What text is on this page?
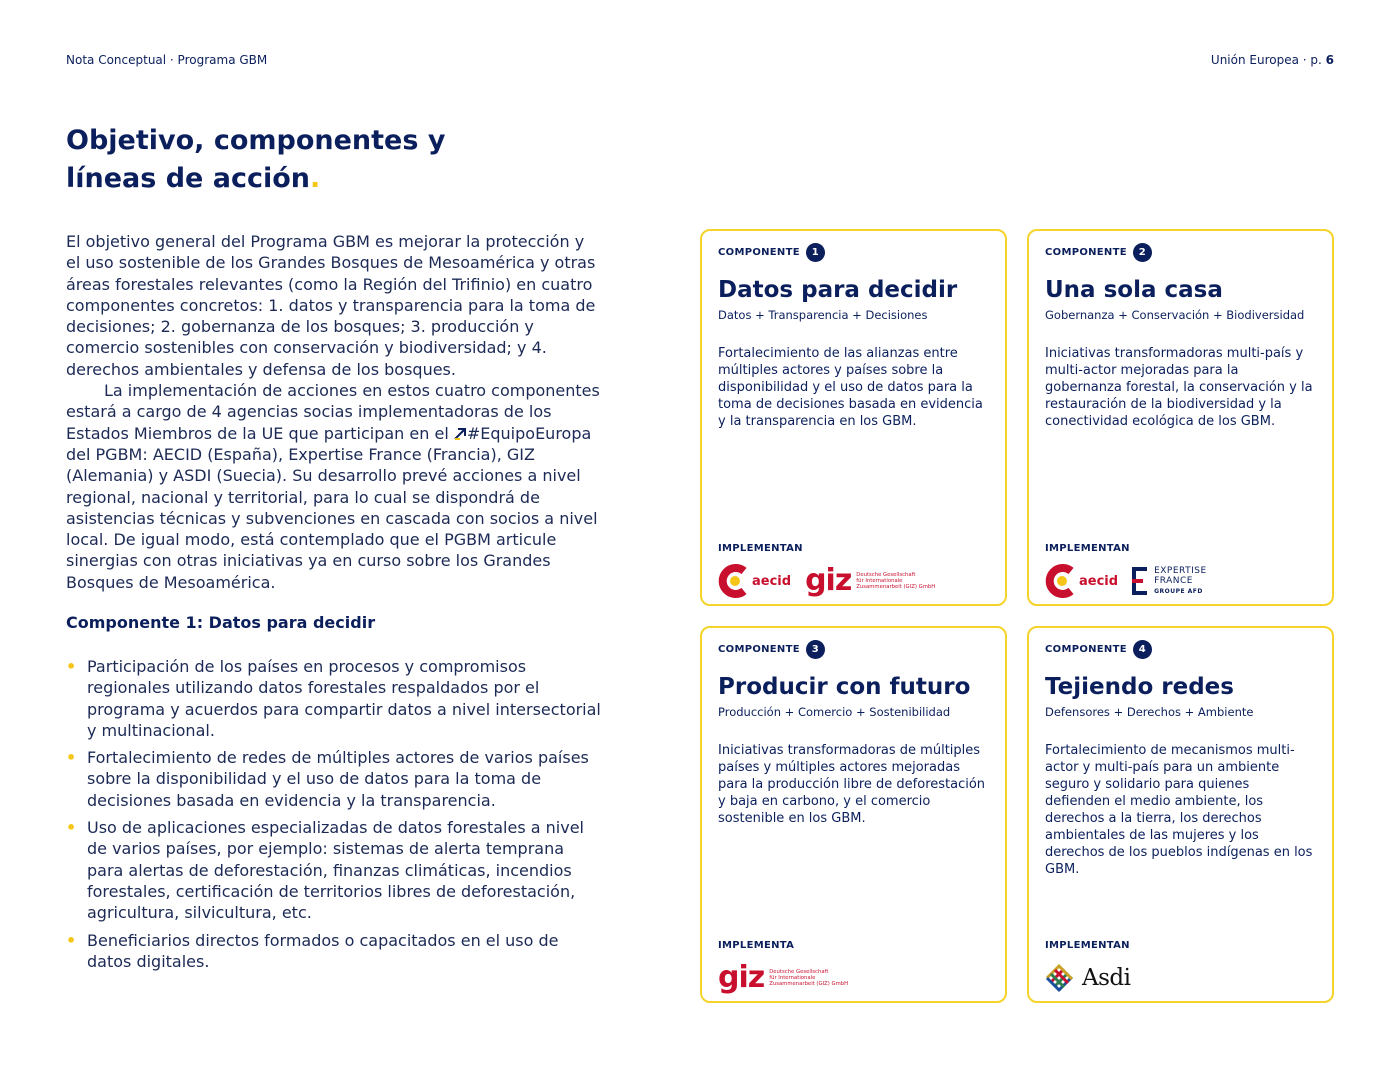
Nota Conceptual · Programa GBM	Unión Europea · p. 6
Objetivo, componentes y
líneas de acción.

El objetivo general del Programa GBM es mejorar la protección y el uso sostenible de los Grandes Bosques de Mesoamérica y otras áreas forestales relevantes (como la Región del Trifinio) en cuatro componentes concretos: 1. datos y transparencia para la toma de decisiones; 2. gobernanza de los bosques; 3. producción y comercio sostenibles con conservación y biodiversidad; y 4. derechos ambientales y defensa de los bosques.

La implementación de acciones en estos cuatro componentes estará a cargo de 4 agencias socias implementadoras de los Estados Miembros de la UE que participan en el
#EquipoEuropa del PGBM: AECID (España), Expertise France (Francia), GIZ (Alemania) y ASDI (Suecia). Su desarrollo prevé acciones a nivel regional, nacional y territorial, para lo cual se dispondrá de asistencias técnicas y subvenciones en cascada con socios a nivel local. De igual modo, está contemplado que el PGBM articule sinergias con otras iniciativas ya en curso sobre los Grandes Bosques de Mesoamérica.

Componente 1: Datos para decidir
• Participación de los países en procesos y compromisos regionales utilizando datos forestales respaldados por el programa y acuerdos para compartir datos a nivel intersectorial y multinacional.
• Fortalecimiento de redes de múltiples actores de varios países sobre la disponibilidad y el uso de datos para la toma de decisiones basada en evidencia y la transparencia.
• Uso de aplicaciones especializadas de datos forestales a nivel de varios países, por ejemplo: sistemas de alerta temprana para alertas de deforestación, finanzas climáticas, incendios forestales, certificación de territorios libres de deforestación, agricultura, silvicultura, etc.
• Beneficiarios directos formados o capacitados en el uso de datos digitales.
COMPONENTE	1
Datos para decidir
Datos + Transparencia + Decisiones
Fortalecimiento de las alianzas entre múltiples actores y países sobre la disponibilidad y el uso de datos para la toma de decisiones basada en evidencia y la transparencia en los GBM.
IMPLEMENTAN
aecid giz Deutsche Gesellschaft
für Internationale
Zusammenarbeit (GIZ) GmbH
COMPONENTE	2
Una sola casa
Gobernanza + Conservación + Biodiversidad
Iniciativas transformadoras multi-país y multi-actor mejoradas para la gobernanza forestal, la conservación y la restauración de la biodiversidad y la conectividad ecológica de los GBM.
IMPLEMENTAN
aecid
EXPERTISE
FRANCE
GROUPE AFD
COMPONENTE	3
Producir con futuro
Producción + Comercio + Sostenibilidad
Iniciativas transformadoras de múltiples países y múltiples actores mejoradas para la producción libre de deforestación y baja en carbono, y el comercio sostenible en los GBM.
IMPLEMENTA
giz Deutsche Gesellschaft
für Internationale
Zusammenarbeit (GIZ) GmbH
COMPONENTE	4
Tejiendo redes
Defensores + Derechos + Ambiente
Fortalecimiento de mecanismos multi-actor y multi-país para un ambiente seguro y solidario para quienes defienden el medio ambiente, los derechos a la tierra, los derechos ambientales de las mujeres y los derechos de los pueblos indígenas en los GBM.
IMPLEMENTAN
Asdi
